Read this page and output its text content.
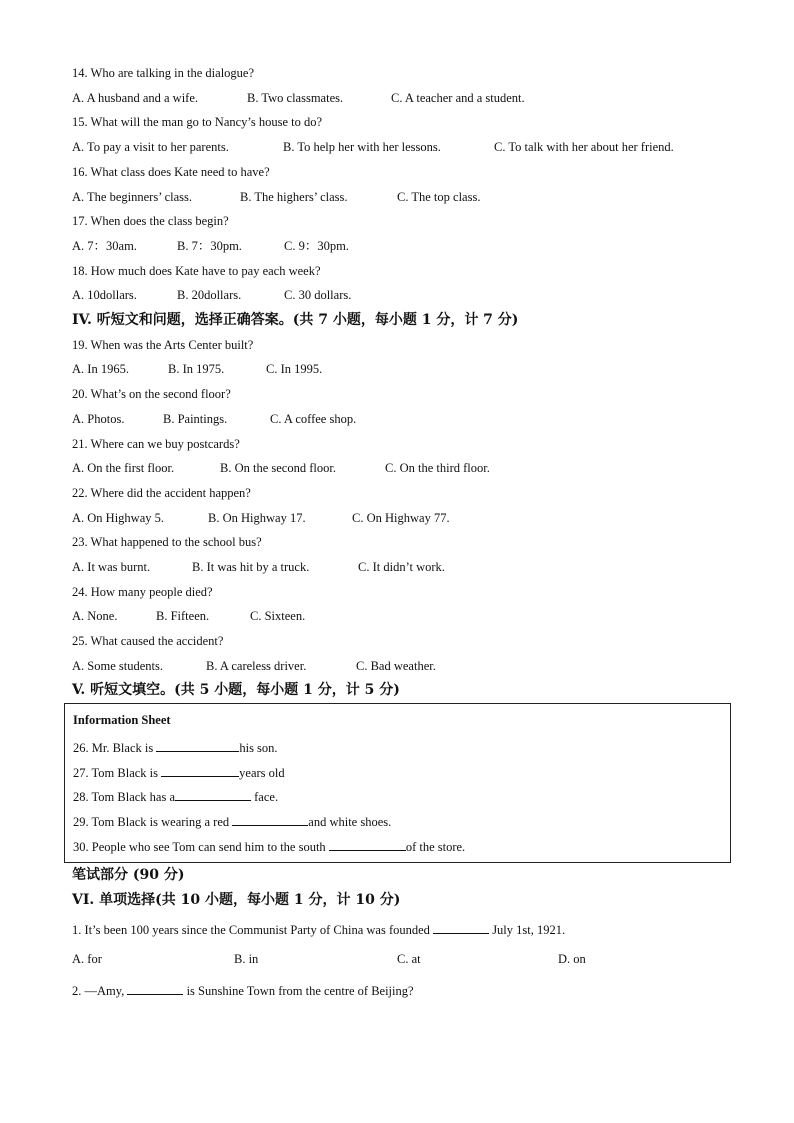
14. Who are talking in the dialogue?
A. A husband and a wife.	B. Two classmates.	C. A teacher and a student.
15. What will the man go to Nancy’s house to do?
A. To pay a visit to her parents.	B. To help her with her lessons.	C. To talk with her about her friend.
16. What class does Kate need to have?
A. The beginners’ class.	B. The highers’ class.	C. The top class.
17. When does the class begin?
A. 7：30am.	B. 7：30pm.	C. 9：30pm.
18. How much does Kate have to pay each week?
A. 10dollars.	B. 20dollars.	C. 30 dollars.
IV. 听短文和问题，选择正确答案。(共 7 小题，每小题 1 分，计 7 分)
19. When was the Arts Center built?
A. In 1965.	B. In 1975.	C. In 1995.
20. What’s on the second floor?
A. Photos.	B. Paintings.	C. A coffee shop.
21. Where can we buy postcards?
A. On the first floor.	B. On the second floor.	C. On the third floor.
22. Where did the accident happen?
A. On Highway 5.	B. On Highway 17.	C. On Highway 77.
23. What happened to the school bus?
A. It was burnt.	B. It was hit by a truck.	C. It didn’t work.
24. How many people died?
A. None.	B. Fifteen.	C. Sixteen.
25. What caused the accident?
A. Some students.	B. A careless driver.	C. Bad weather.
V. 听短文填空。(共 5 小题，每小题 1 分，计 5 分)
Information Sheet
26. Mr. Black is	his son.
27. Tom Black is	years old
28. Tom Black has a	face.
29. Tom Black is wearing a red	and white shoes.
30. People who see Tom can send him to the south	of the store.
笔试部分 (90 分)
VI. 单项选择(共 10 小题，每小题 1 分，计 10 分)
1. It’s been 100 years since the Communist Party of China was founded	July 1st, 1921.
A. for	B. in	C. at	D. on
2. —Amy,	is Sunshine Town from the centre of Beijing?
